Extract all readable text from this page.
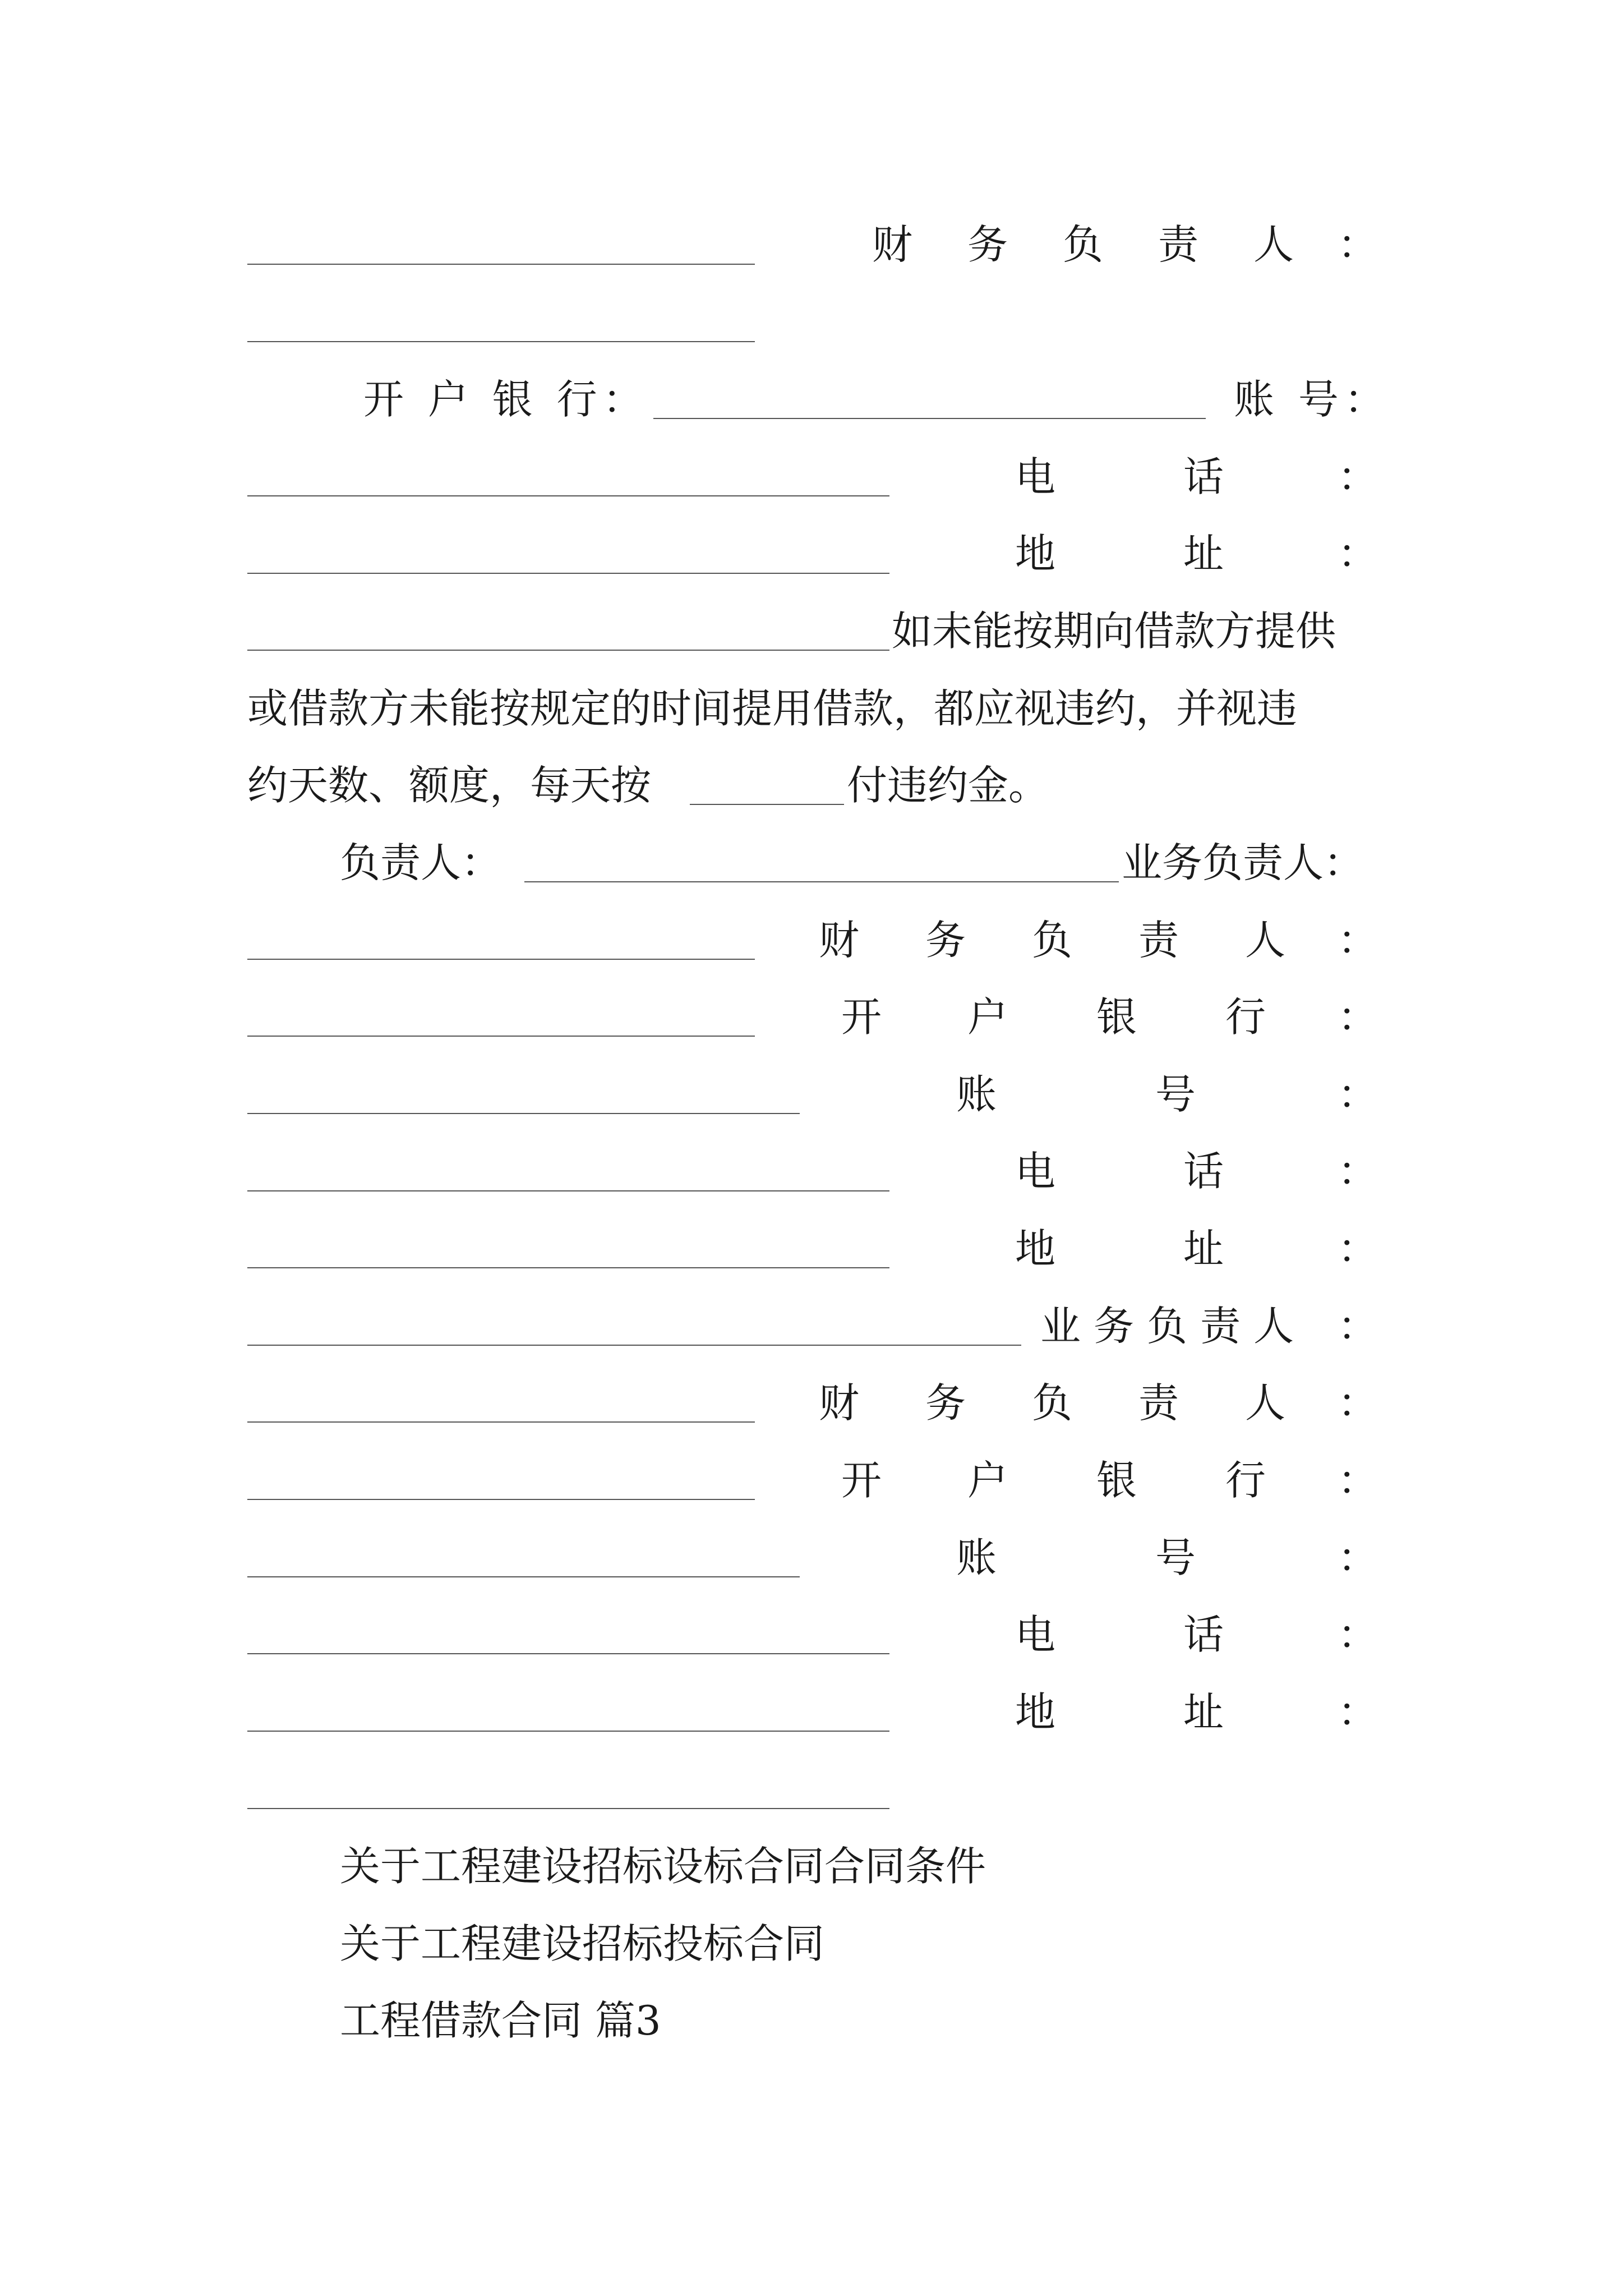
财 务 负 责 人 ：
开 户 银 行：	账 号：
电	话	：
地	址	：
如未能按期向借款方提供
或借款方未能按规定的时间提用借款，都应视违约，并视违
约天数、额度，每天按	付违约金。
负责人：	业务负责人：
财 务 负 责 人 ：
开 户 银 行 ：
账	号	：
电	话	：
地	址	：
业 务 负 责 人 ：
财 务 负 责 人 ：
开 户 银 行 ：
账	号	：
电	话	：
地	址	：
关于工程建设招标设标合同合同条件
关于工程建设招标投标合同
工程借款合同 篇3
